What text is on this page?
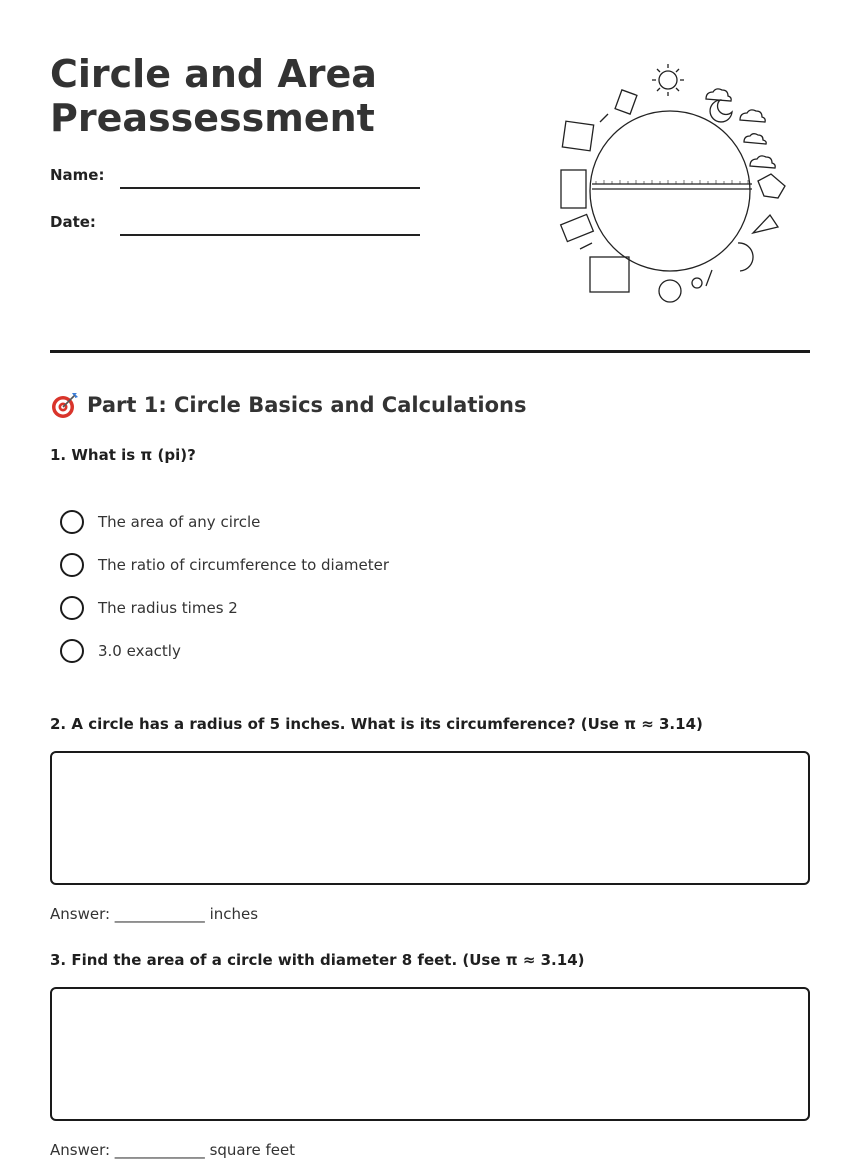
Circle and Area
Preassessment
Name:
Date:
Part 1: Circle Basics and Calculations
1. What is π (pi)?
The area of any circle
The ratio of circumference to diameter
The radius times 2
3.0 exactly
2. A circle has a radius of 5 inches. What is its circumference? (Use π ≈ 3.14)
Answer: ____________ inches
3. Find the area of a circle with diameter 8 feet. (Use π ≈ 3.14)
Answer: ____________ square feet
